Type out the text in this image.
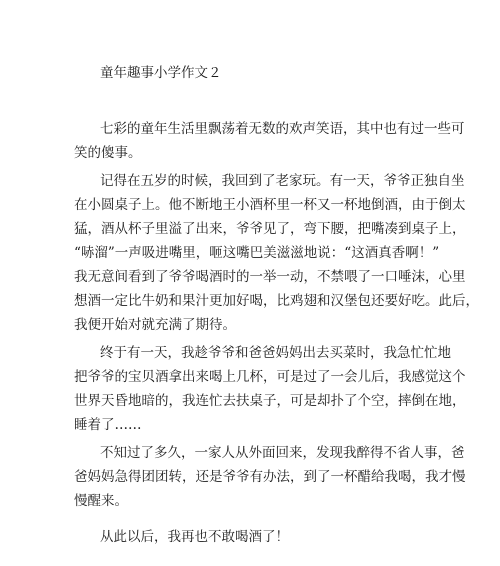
童年趣事小学作文２
七彩的童年生活里飘荡着无数的欢声笑语，其中也有过一些可
笑的傻事。
记得在五岁的时候，我回到了老家玩。有一天，爷爷正独自坐
在小圆桌子上。他不断地王小酒杯里一杯又一杯地倒酒，由于倒太
猛，酒从杯子里溢了出来，爷爷见了，弯下腰，把嘴凑到桌子上，
“哧溜”一声吸进嘴里，咂这嘴巴美滋滋地说：“这酒真香啊！”
我无意间看到了爷爷喝酒时的一举一动，不禁喂了一口唾沫，心里
想酒一定比牛奶和果汁更加好喝，比鸡翅和汉堡包还要好吃。此后，
我便开始对就充满了期待。
终于有一天，我趁爷爷和爸爸妈妈出去买菜时，我急忙忙地
把爷爷的宝贝酒拿出来喝上几杯，可是过了一会儿后，我感觉这个
世界天昏地暗的，我连忙去扶桌子，可是却扑了个空，摔倒在地，
睡着了……
不知过了多久，一家人从外面回来，发现我醉得不省人事，爸
爸妈妈急得团团转，还是爷爷有办法，到了一杯醋给我喝，我才慢
慢醒来。
从此以后，我再也不敢喝酒了！
